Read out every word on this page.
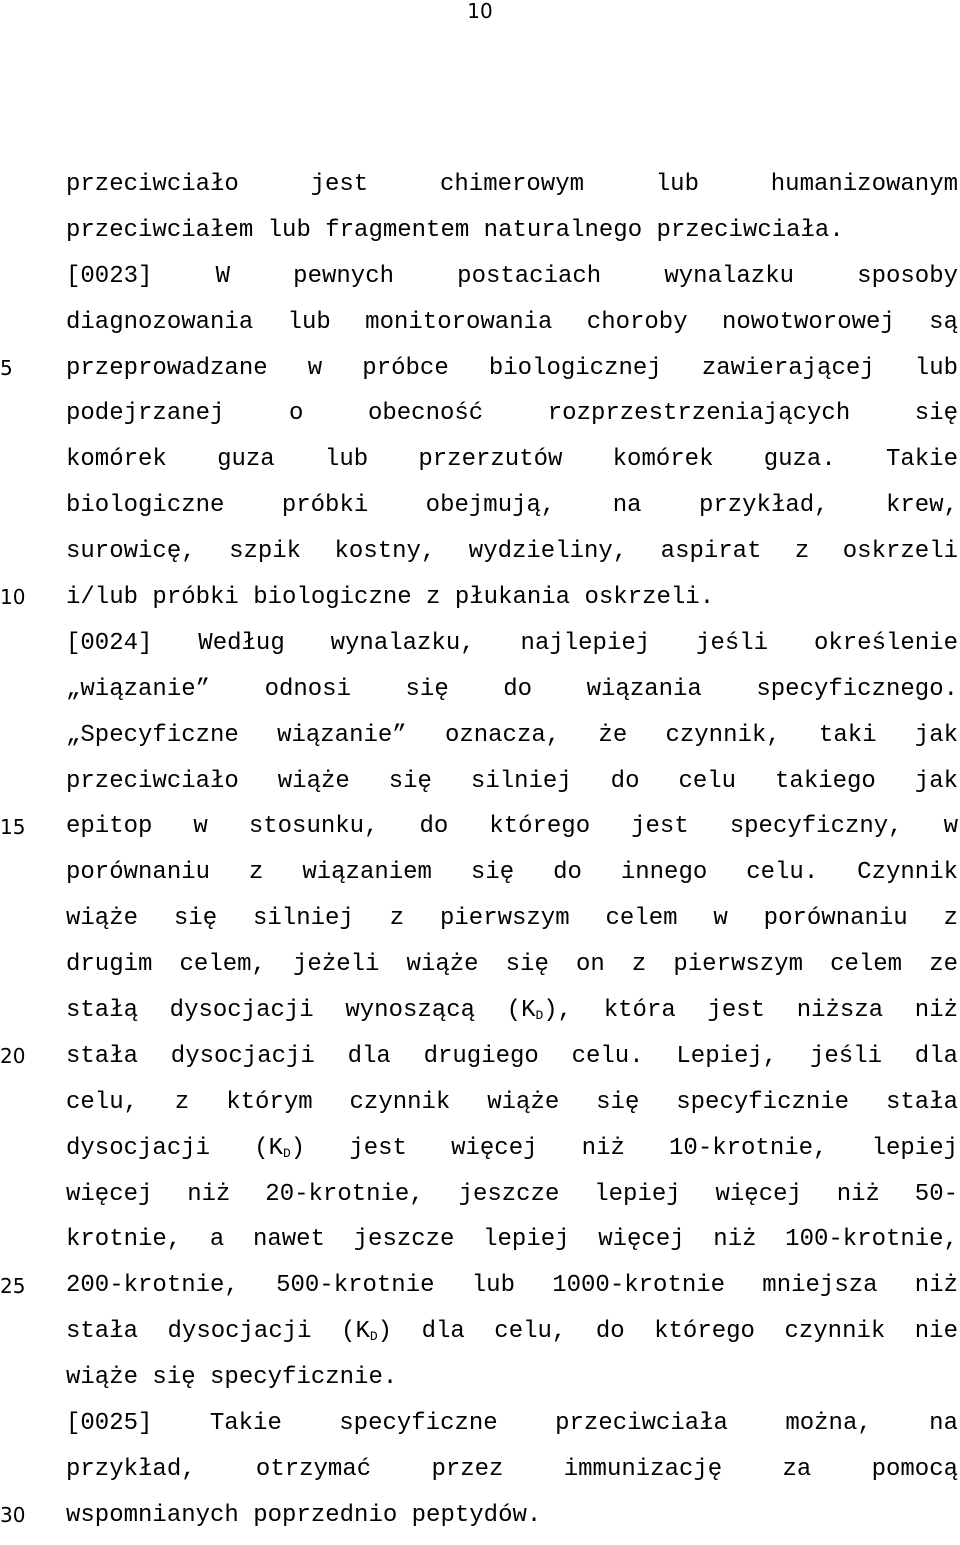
10
5
10
15
20
25
30
przeciwciało jest chimerowym lub humanizowanym
przeciwciałem lub fragmentem naturalnego przeciwciała.
[0023] W pewnych postaciach wynalazku sposoby
diagnozowania lub monitorowania choroby nowotworowej są
przeprowadzane w próbce biologicznej zawierającej lub
podejrzanej o obecność rozprzestrzeniających się
komórek guza lub przerzutów komórek guza. Takie
biologiczne próbki obejmują, na przykład, krew,
surowicę, szpik kostny, wydzieliny, aspirat z oskrzeli
i/lub próbki biologiczne z płukania oskrzeli.
[0024] Według wynalazku, najlepiej jeśli określenie
„wiązanie” odnosi się do wiązania specyficznego.
„Specyficzne wiązanie” oznacza, że czynnik, taki jak
przeciwciało wiąże się silniej do celu takiego jak
epitop w stosunku, do którego jest specyficzny, w
porównaniu z wiązaniem się do innego celu. Czynnik
wiąże się silniej z pierwszym celem w porównaniu z
drugim celem, jeżeli wiąże się on z pierwszym celem ze
stałą dysocjacji wynoszącą $(K_D)$, która jest niższa niż
stała dysocjacji dla drugiego celu. Lepiej, jeśli dla
celu, z którym czynnik wiąże się specyficznie stała
dysocjacji $(K_D)$ jest więcej niż 10-krotnie, lepiej
więcej niż 20-krotnie, jeszcze lepiej więcej niż 50-
krotnie, a nawet jeszcze lepiej więcej niż 100-krotnie,
200-krotnie, 500-krotnie lub 1000-krotnie mniejsza niż
stała dysocjacji $(K_D)$ dla celu, do którego czynnik nie
wiąże się specyficznie.
[0025] Takie specyficzne przeciwciała można, na
przykład, otrzymać przez immunizację za pomocą
wspomnianych poprzednio peptydów.
